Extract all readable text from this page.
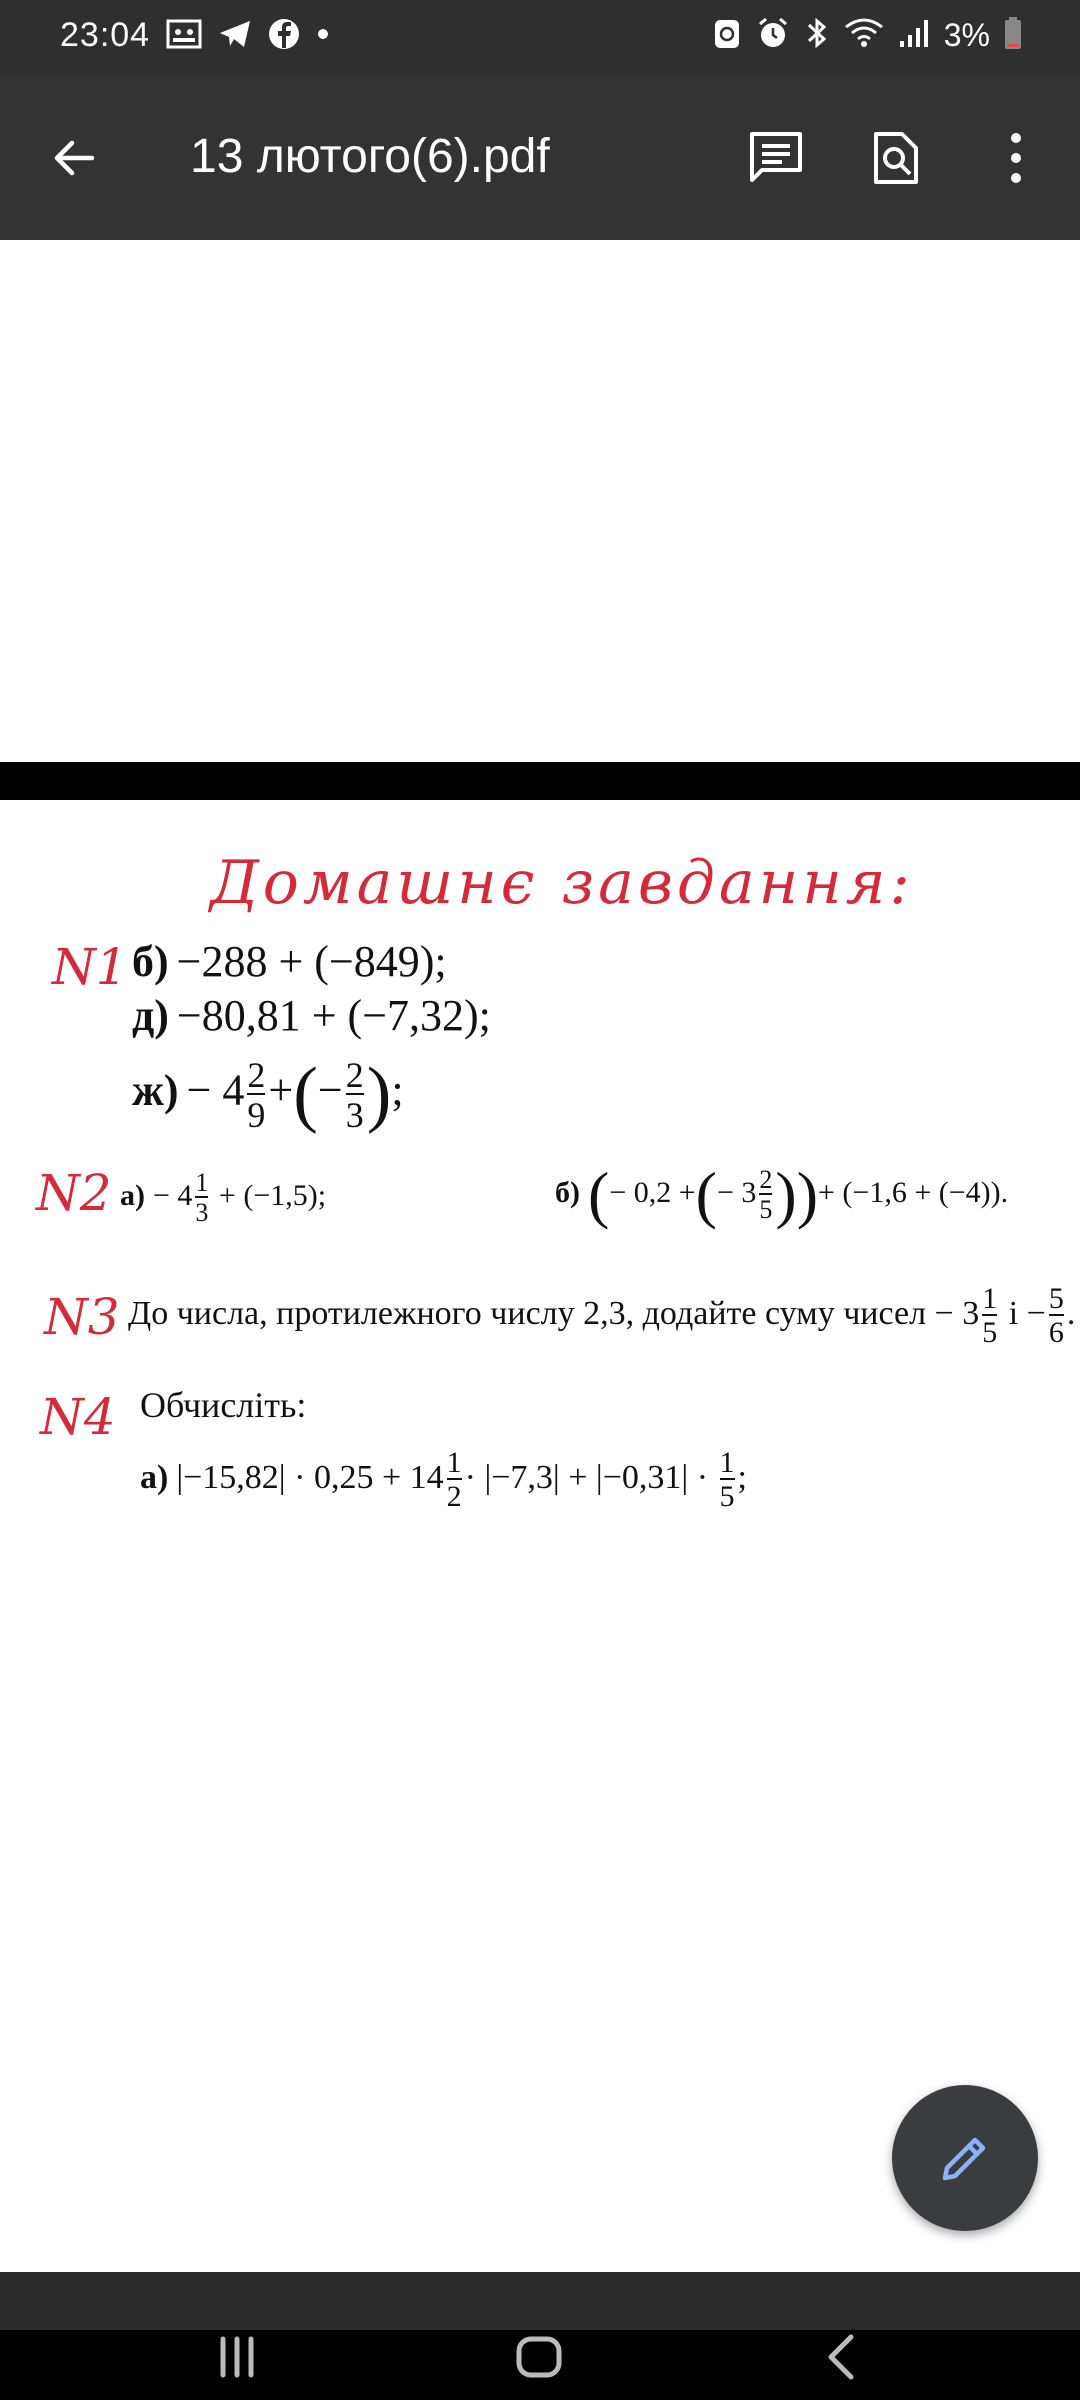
23:04	3%
13 лютого(6).pdf
Домашнє завдання:
N1 б) −288 + (−849);
д) −80,81 + (−7,32);
$ж) - 4 \frac{2}{9}$ +(− $\frac{2}{3}$ );
N2 $а) - 4 \frac{1}{3} + (-1,5)$;	б) (− 0,2 +(− $3 \frac{2}{5}$ ))+ (−1,6 + (−4)).
N3 До числа, протилежного числу 2,3, додайте суму чисел − $3 \frac{1}{5}$ $і - \frac{5}{6}$ .
N4 Обчисліть:
а) $|-15,82| \cdot 0,25 + 14 \frac{1}{2} \cdot |-7,3| + |-0,31| \cdot \frac{1}{5}$ ;
